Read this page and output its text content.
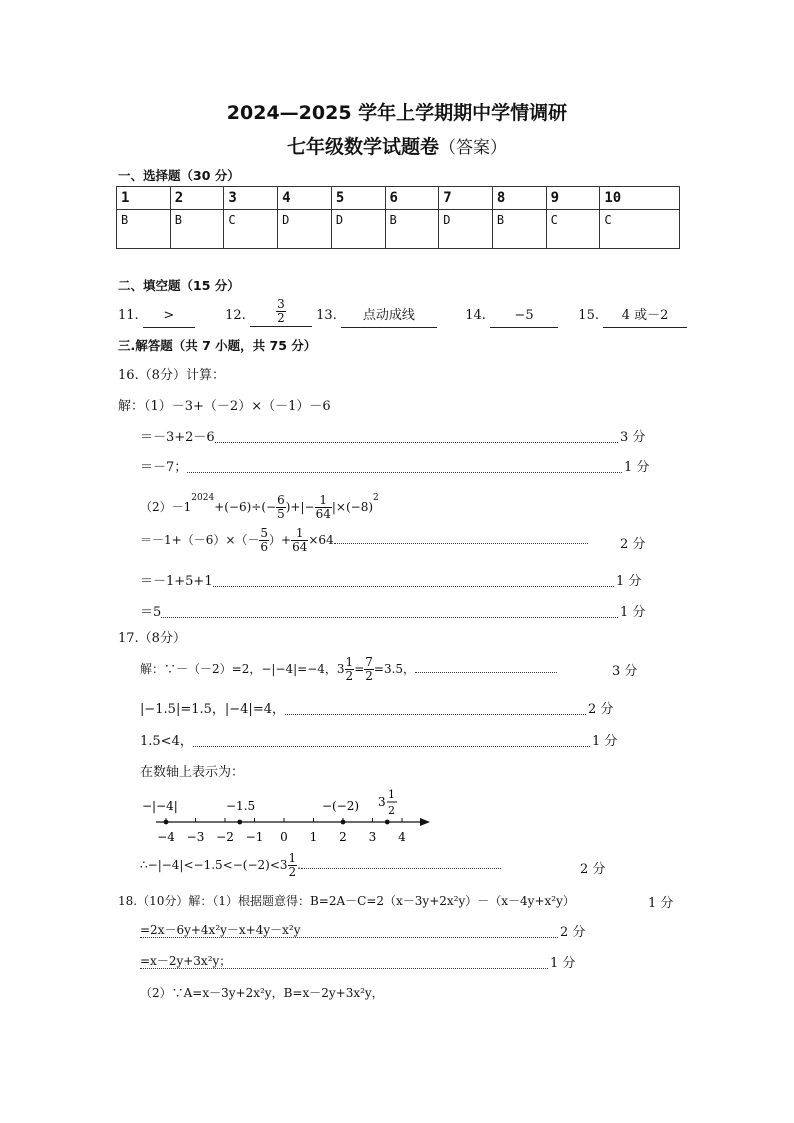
2024—2025 学年上学期期中学情调研
七年级数学试题卷（答案）
一、选择题（30 分）
1	2	3	4	5	6	7	8	9	10
B	B	C	D	D	B	D	B	C	C
二、填空题（15 分）
11. >	12.	$\frac{3}{2} 13$. 点动成线	14. −5	15. 4 或－2
三.解答题（共 7 小题，共 75 分）
16.（8分）计算：
解：（1）－3+（－2）×（－1）－6
＝－3+2－6	3 分
＝－7；	1 分
$(2)-1^{2024}+(-6)\div(- \frac{6}{5}$ )+|− $\frac{1}{64} |\times(-8)^2$
$=-1+(-6)\times(- \frac{5}{6}$ ）+ $\frac{1}{64} \times 64$	2 分
＝－1+5+1	1 分
＝5	1 分
17.（8分）
解：∵－（－2）=2，−|−4|=−4，$3 \frac{1}{2} = \frac{7}{2} =3.5$，	3 分
|−1.5|=1.5，|−4|=4，	2 分
1.5<4，	1 分
在数轴上表示为：
−|−4|	−1.5	−(−2) 3
1
2
−4 −3 −2 −1 0 1 2 3 4
∴−|−4|<−1.5<−(−2)<3 $\frac{1}{2}$ .	2 分
18.（10分）解：（1）根据题意得：B=2A－C=2（x－3y+2x²y）－（x－4y+x²y）	1 分
=2x－6y+4x²y－x+4y－x²y	2 分
=x－2y+3x²y；	1 分
（2）∵A=x－3y+2x²y，B=x－2y+3x²y，
